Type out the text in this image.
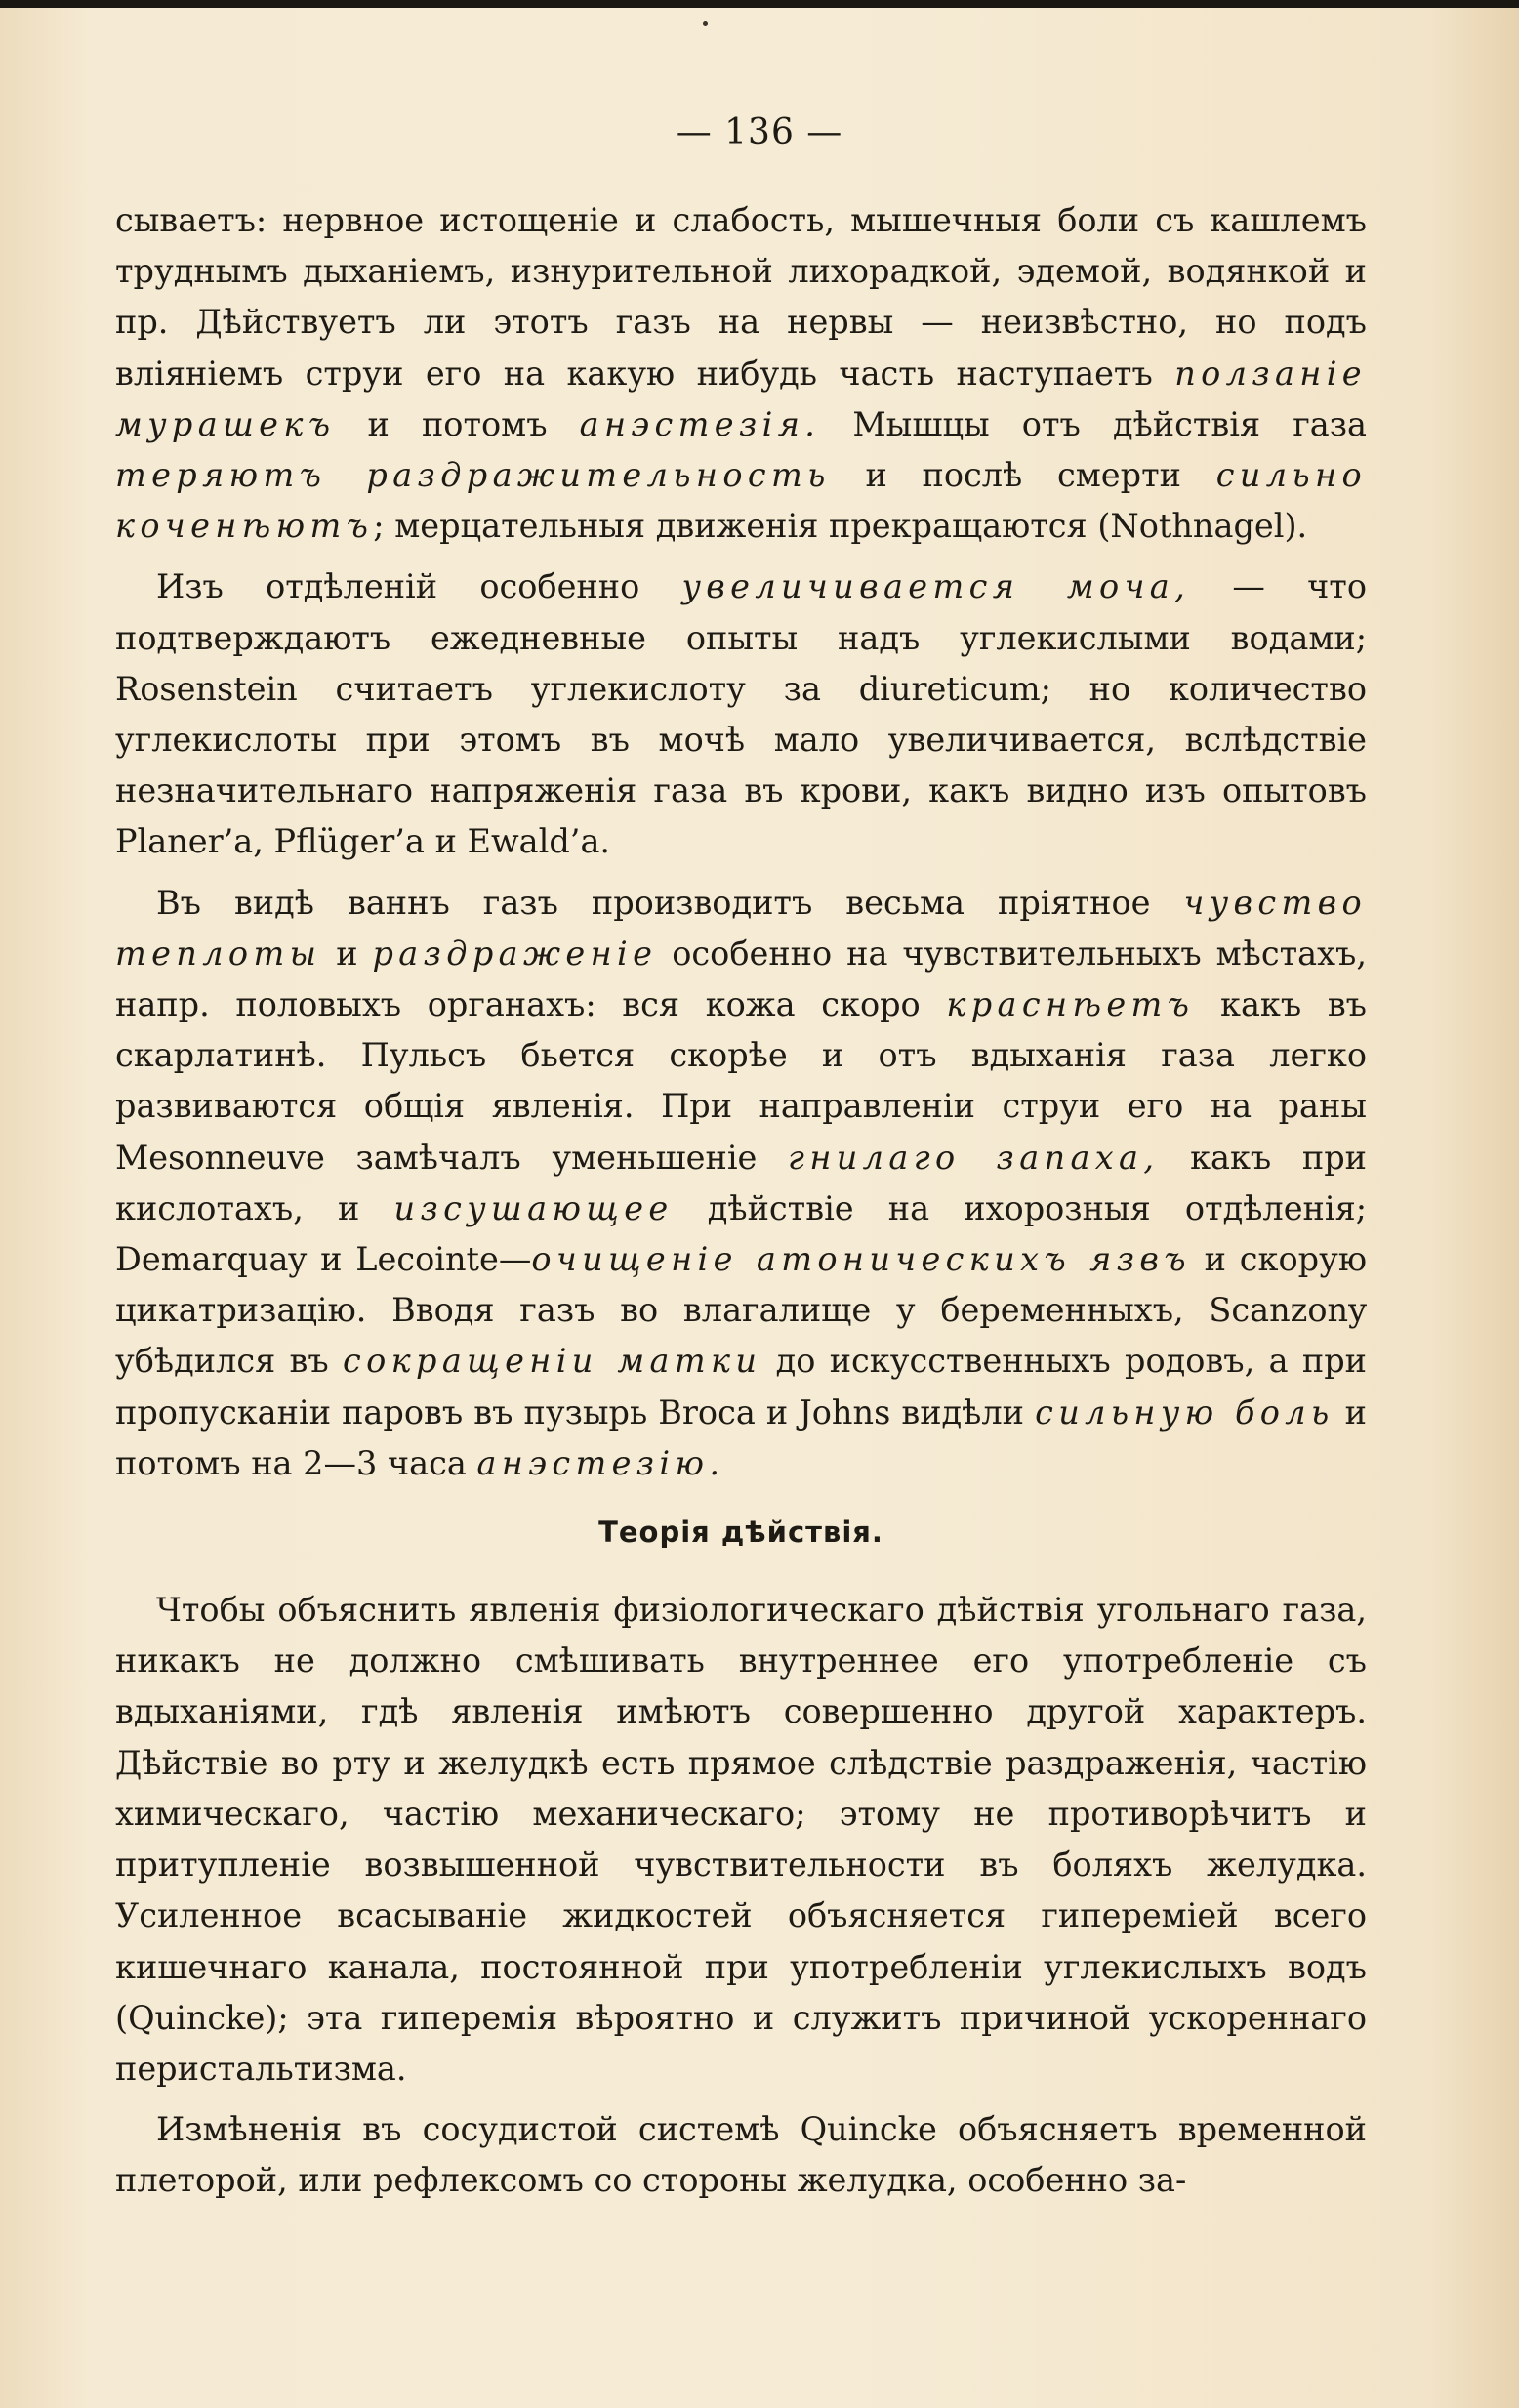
— 136 —

сываетъ: нервное истощеніе и слабость, мышечныя боли съ кашлемъ труднымъ дыханіемъ, изнурительной лихорадкой, эдемой, водянкой и пр. Дѣйствуетъ ли этотъ газъ на нервы — неизвѣстно, но подъ вліяніемъ струи его на какую нибудь часть наступаетъ ползаніе мурашекъ и потомъ анэстезія. Мышцы отъ дѣйствія газа теряютъ раздражительность и послѣ смерти сильно коченѣютъ; мерцательныя движенія прекращаются (Nothnagel).

Изъ отдѣленій особенно увеличивается моча, — что подтверждаютъ ежедневные опыты надъ углекислыми водами; Rosenstein считаетъ углекислоту за diureticum; но количество углекислоты при этомъ въ мочѣ мало увеличивается, вслѣдствіе незначительнаго напряженія газа въ крови, какъ видно изъ опытовъ Planer’а, Pflüger’а и Ewald’а.

Въ видѣ ваннъ газъ производитъ весьма пріятное чувство теплоты и раздраженіе особенно на чувствительныхъ мѣстахъ, напр. половыхъ органахъ: вся кожа скоро краснѣетъ какъ въ скарлатинѣ. Пульсъ бьется скорѣе и отъ вдыханія газа легко развиваются общія явленія. При направленіи струи его на раны Mesonneuve замѣчалъ уменьшеніе гнилаго запаха, какъ при кислотахъ, и изсушающее дѣйствіе на ихорозныя отдѣленія; Demarquay и Lecointe—очищеніе атоническихъ язвъ и скорую цикатризацію. Вводя газъ во влагалище у беременныхъ, Scanzony убѣдился въ сокращеніи матки до искусственныхъ родовъ, а при пропусканіи паровъ въ пузырь Broca и Johns видѣли сильную боль и потомъ на 2—3 часа анэстезію.

Теорія дѣйствія.

Чтобы объяснить явленія физіологическаго дѣйствія угольнаго газа, никакъ не должно смѣшивать внутреннее его употребленіе съ вдыханіями, гдѣ явленія имѣютъ совершенно другой характеръ. Дѣйствіе во рту и желудкѣ есть прямое слѣдствіе раздраженія, частію химическаго, частію механическаго; этому не противорѣчитъ и притупленіе возвышенной чувствительности въ боляхъ желудка. Усиленное всасываніе жидкостей объясняется гипереміей всего кишечнаго канала, постоянной при употребленіи углекислыхъ водъ (Quincke); эта гиперемія вѣроятно и служитъ причиной ускореннаго перистальтизма.

Измѣненія въ сосудистой системѣ Quincke объясняетъ временной плеторой, или рефлексомъ со стороны желудка, особенно за-
